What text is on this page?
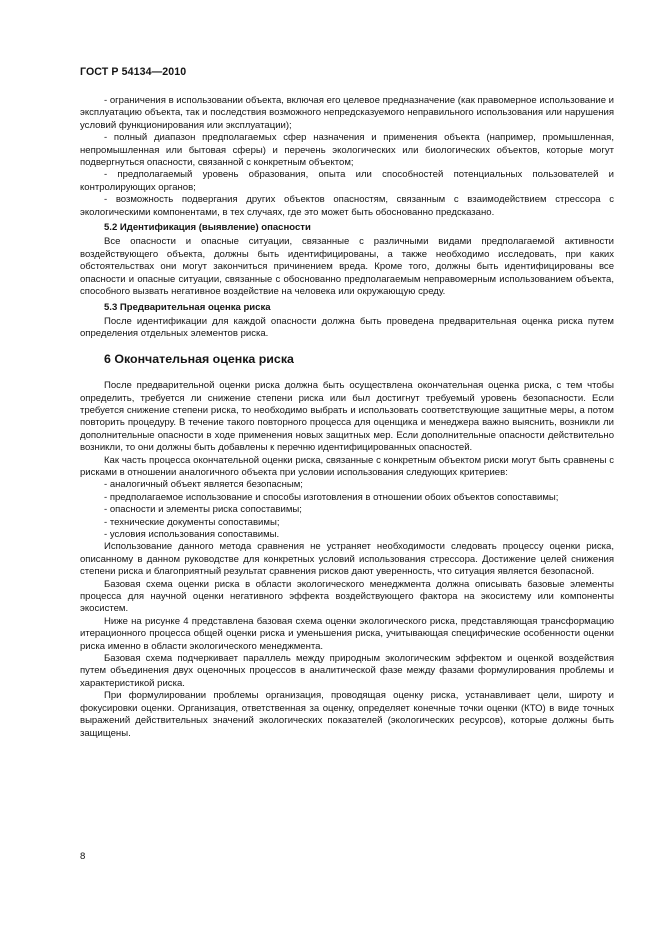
ГОСТ Р 54134—2010

- ограничения в использовании объекта, включая его целевое предназначение (как правомерное использование и эксплуатацию объекта, так и последствия возможного непредсказуемого неправильного использования или нарушения условий функционирования или эксплуатации);

- полный диапазон предполагаемых сфер назначения и применения объекта (например, промышленная, непромышленная или бытовая сферы) и перечень экологических или биологических объектов, которые могут подвергнуться опасности, связанной с конкретным объектом;

- предполагаемый уровень образования, опыта или способностей потенциальных пользователей и контролирующих органов;

- возможность подвергания других объектов опасностям, связанным с взаимодействием стрессора с экологическими компонентами, в тех случаях, где это может быть обоснованно предсказано.

5.2 Идентификация (выявление) опасности

Все опасности и опасные ситуации, связанные с различными видами предполагаемой активности воздействующего объекта, должны быть идентифицированы, а также необходимо исследовать, при каких обстоятельствах они могут закончиться причинением вреда. Кроме того, должны быть идентифицированы все опасности и опасные ситуации, связанные с обоснованно предполагаемым неправомерным использованием объекта, способного вызвать негативное воздействие на человека или окружающую среду.

5.3 Предварительная оценка риска

После идентификации для каждой опасности должна быть проведена предварительная оценка риска путем определения отдельных элементов риска.

6 Окончательная оценка риска

После предварительной оценки риска должна быть осуществлена окончательная оценка риска, с тем чтобы определить, требуется ли снижение степени риска или был достигнут требуемый уровень безопасности. Если требуется снижение степени риска, то необходимо выбрать и использовать соответствующие защитные меры, а потом повторить процедуру. В течение такого повторного процесса для оценщика и менеджера важно выяснить, возникли ли дополнительные опасности в ходе применения новых защитных мер. Если дополнительные опасности действительно возникли, то они должны быть добавлены к перечню идентифицированных опасностей.

Как часть процесса окончательной оценки риска, связанные с конкретным объектом риски могут быть сравнены с рисками в отношении аналогичного объекта при условии использования следующих критериев:

- аналогичный объект является безопасным;

- предполагаемое использование и способы изготовления в отношении обоих объектов сопоставимы;

- опасности и элементы риска сопоставимы;

- технические документы сопоставимы;

- условия использования сопоставимы.

Использование данного метода сравнения не устраняет необходимости следовать процессу оценки риска, описанному в данном руководстве для конкретных условий использования стрессора. Достижение целей снижения степени риска и благоприятный результат сравнения рисков дают уверенность, что ситуация является безопасной.

Базовая схема оценки риска в области экологического менеджмента должна описывать базовые элементы процесса для научной оценки негативного эффекта воздействующего фактора на экосистему или компоненты экосистем.

Ниже на рисунке 4 представлена базовая схема оценки экологического риска, представляющая трансформацию итерационного процесса общей оценки риска и уменьшения риска, учитывающая специфические особенности оценки риска именно в области экологического менеджмента.

Базовая схема подчеркивает параллель между природным экологическим эффектом и оценкой воздействия путем объединения двух оценочных процессов в аналитической фазе между фазами формулирования проблемы и характеристикой риска.

При формулировании проблемы организация, проводящая оценку риска, устанавливает цели, широту и фокусировки оценки. Организация, ответственная за оценку, определяет конечные точки оценки (КТО) в виде точных выражений действительных значений экологических показателей (экологических ресурсов), которые должны быть защищены.

8
